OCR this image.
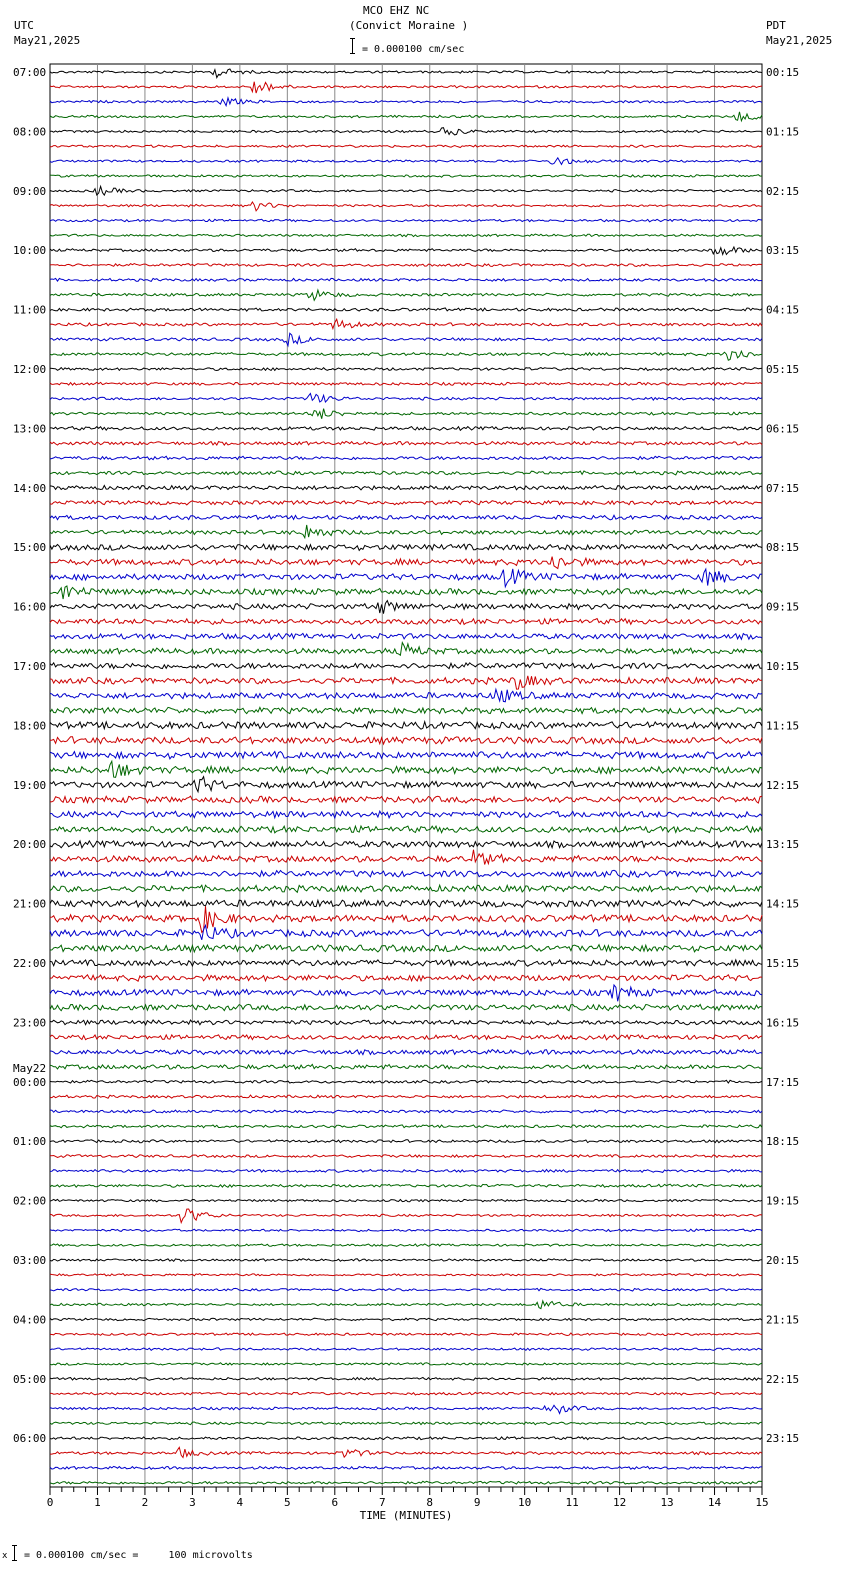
07:00
08:00
09:00
10:00
11:00
12:00
13:00
14:00
15:00
16:00
17:00
18:00
19:00
20:00
21:00
22:00
23:00
00:00
01:00
02:00
03:00
04:00
05:00
06:00
00:15
01:15
02:15
03:15
04:15
05:15
06:15
07:15
08:15
09:15
10:15
11:15
12:15
13:15
14:15
15:15
16:15
17:15
18:15
19:15
20:15
21:15
22:15
23:15
May22
0	1	2	3	4	5	6	7	8	9	10	11	12	13	14	15
TIME (MINUTES)
MCO EHZ NC
(Convict Moraine )
= 0.000100 cm/sec
UTC
May21,2025
PDT
May21,2025
x = 0.000100 cm/sec =     100 microvolts
